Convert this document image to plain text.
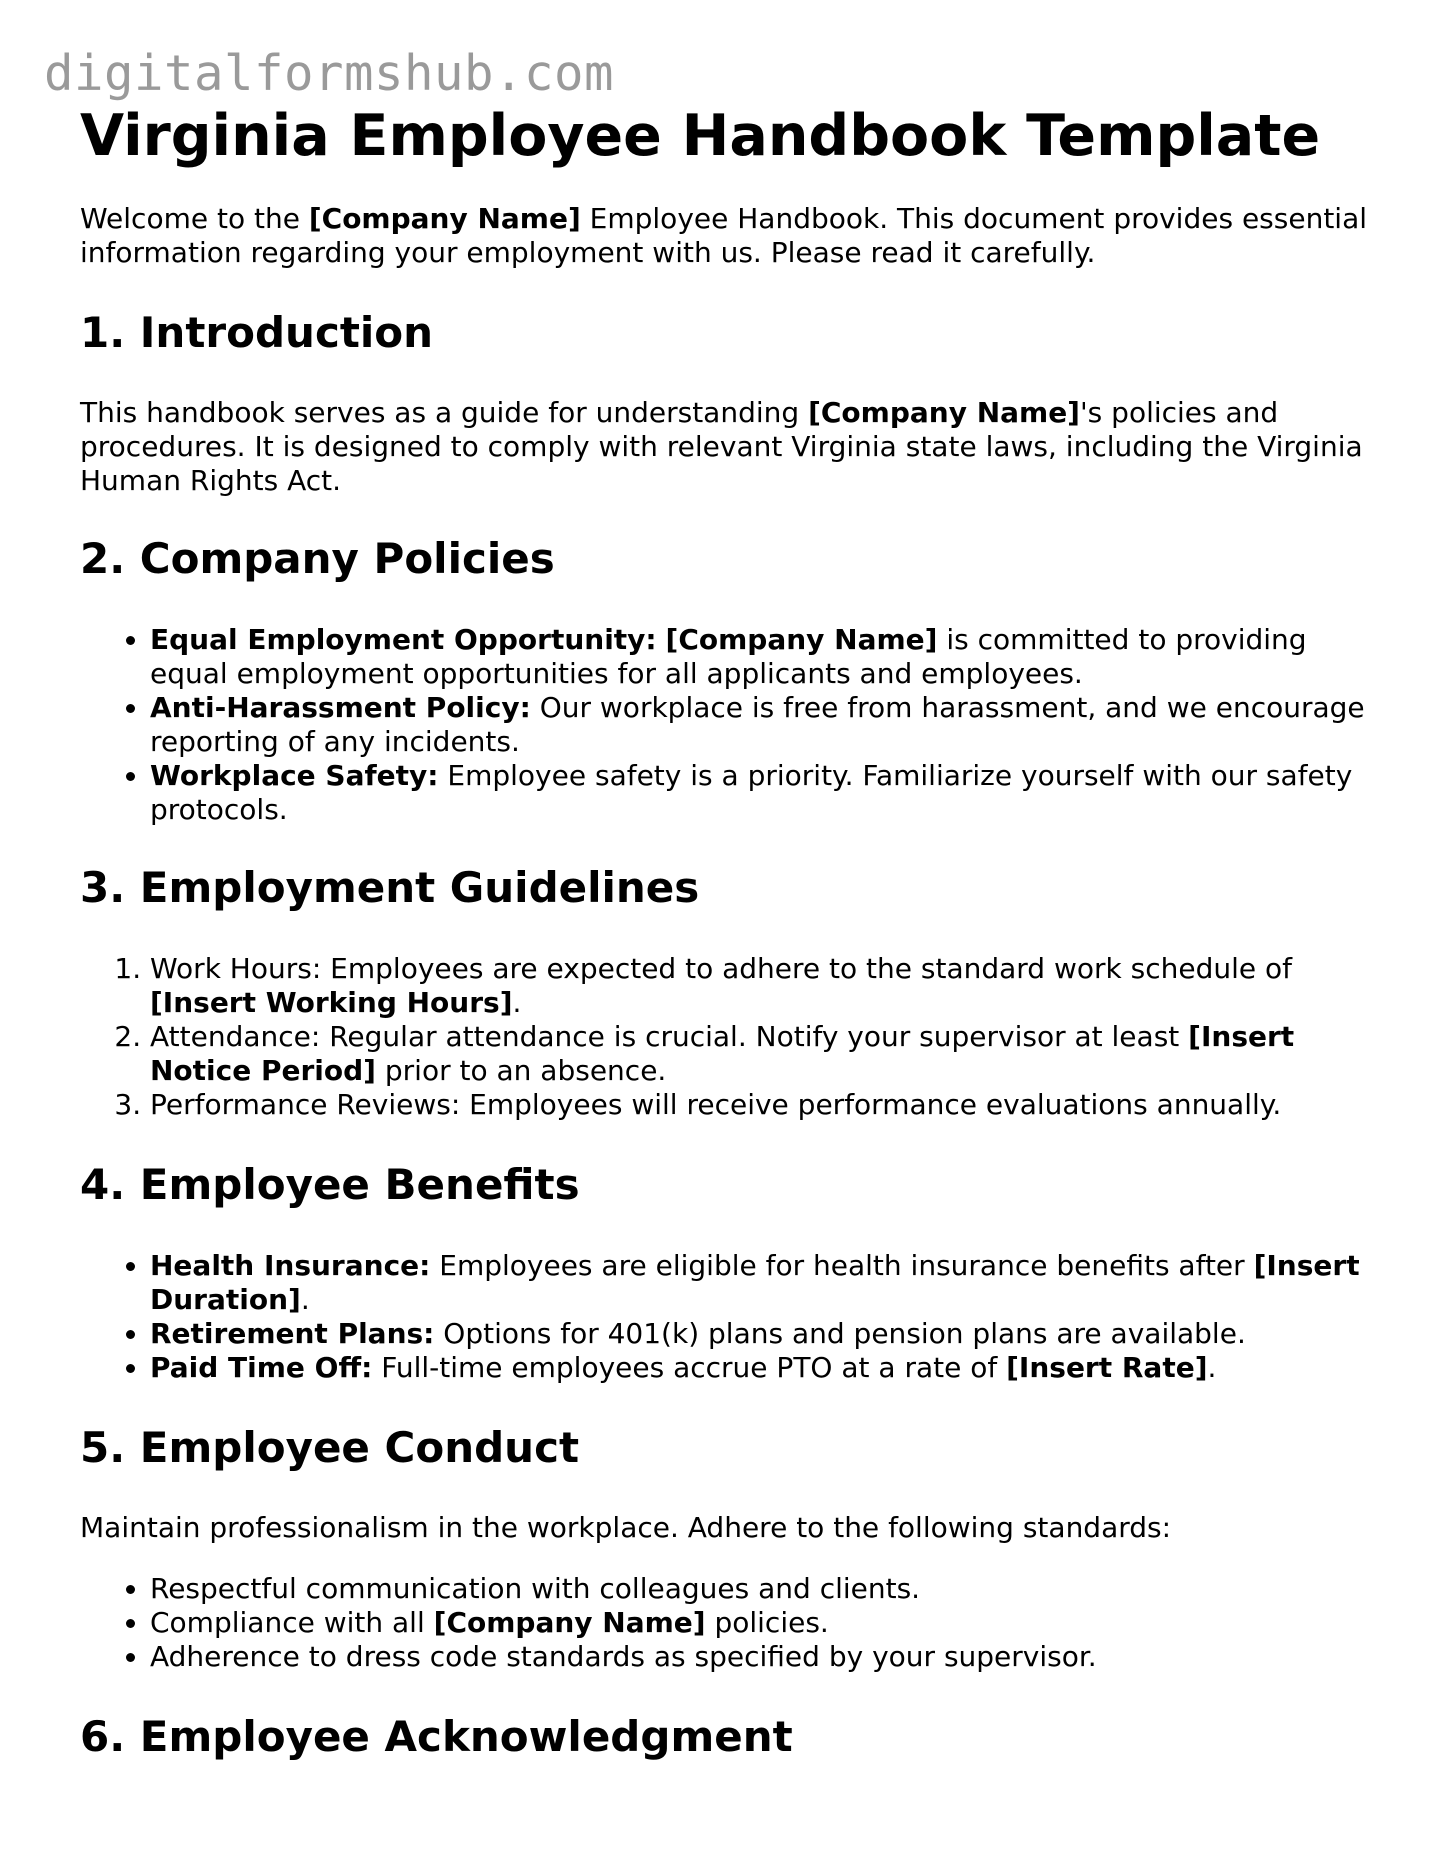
digitalformshub.com
Virginia Employee Handbook Template

Welcome to the [Company Name] Employee Handbook. This document provides essential information regarding your employment with us. Please read it carefully.

1. Introduction

This handbook serves as a guide for understanding [Company Name]'s policies and procedures. It is designed to comply with relevant Virginia state laws, including the Virginia Human Rights Act.

2. Company Policies
• Equal Employment Opportunity: [Company Name] is committed to providing equal employment opportunities for all applicants and employees.
• Anti-Harassment Policy: Our workplace is free from harassment, and we encourage reporting of any incidents.
• Workplace Safety: Employee safety is a priority. Familiarize yourself with our safety protocols.
3. Employment Guidelines
1. Work Hours: Employees are expected to adhere to the standard work schedule of [Insert Working Hours].
2. Attendance: Regular attendance is crucial. Notify your supervisor at least [Insert Notice Period] prior to an absence.
3. Performance Reviews: Employees will receive performance evaluations annually.
4. Employee Benefits
• Health Insurance: Employees are eligible for health insurance benefits after [Insert Duration].
• Retirement Plans: Options for 401(k) plans and pension plans are available.
• Paid Time Off: Full-time employees accrue PTO at a rate of [Insert Rate].
5. Employee Conduct

Maintain professionalism in the workplace. Adhere to the following standards:

• Respectful communication with colleagues and clients.
• Compliance with all [Company Name] policies.
• Adherence to dress code standards as specified by your supervisor.
6. Employee Acknowledgment
